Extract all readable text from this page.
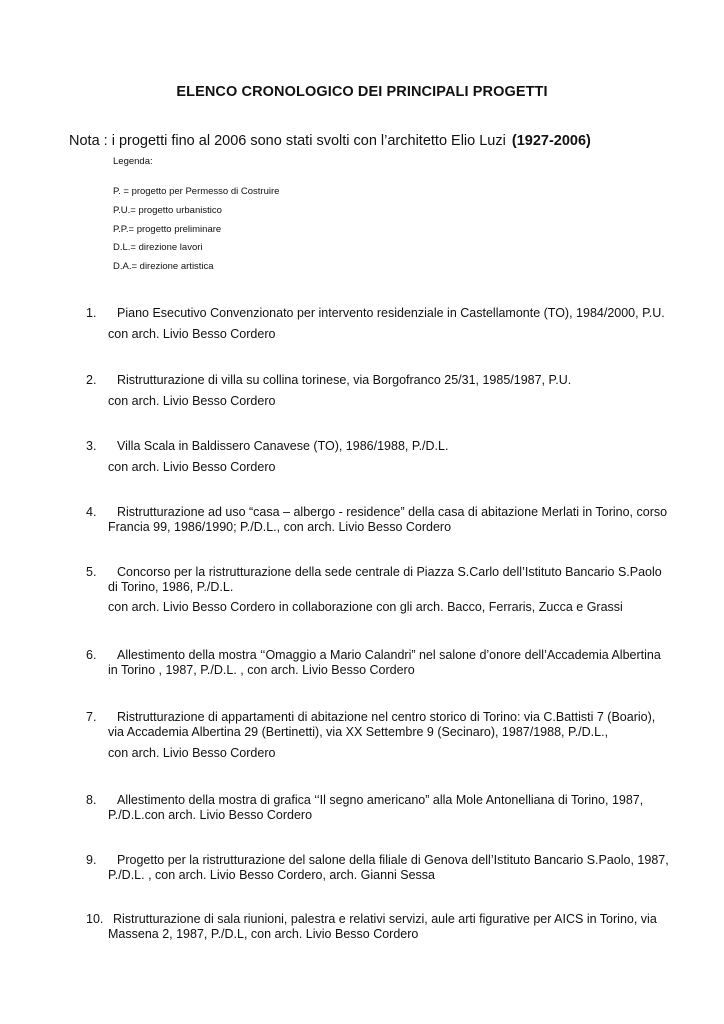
ELENCO CRONOLOGICO DEI PRINCIPALI PROGETTI
Nota : i progetti fino al 2006 sono stati svolti con l’architetto Elio Luzi (1927-2006)
Legenda:
P. = progetto per Permesso di Costruire
P.U.= progetto urbanistico
P.P.= progetto preliminare
D.L.= direzione lavori
D.A.= direzione artistica
1. Piano Esecutivo Convenzionato per intervento residenziale in Castellamonte (TO), 1984/2000, P.U.
con arch. Livio Besso Cordero
2. Ristrutturazione di villa su collina torinese, via Borgofranco 25/31, 1985/1987, P.U.
con arch. Livio Besso Cordero
3. Villa Scala in Baldissero Canavese (TO), 1986/1988, P./D.L.
con arch. Livio Besso Cordero
4. Ristrutturazione ad uso “casa – albergo - residence” della casa di abitazione Merlati in Torino, corso
Francia 99, 1986/1990; P./D.L., con arch. Livio Besso Cordero
5. Concorso per la ristrutturazione della sede centrale di Piazza S.Carlo dell’Istituto Bancario S.Paolo
di Torino, 1986, P./D.L.
con arch. Livio Besso Cordero in collaborazione con gli arch. Bacco, Ferraris, Zucca e Grassi
6. Allestimento della mostra ‘‘Omaggio a Mario Calandri” nel salone d’onore dell’Accademia Albertina
in Torino , 1987, P./D.L. , con arch. Livio Besso Cordero
7. Ristrutturazione di appartamenti di abitazione nel centro storico di Torino: via C.Battisti 7 (Boario),
via Accademia Albertina 29 (Bertinetti), via XX Settembre 9 (Secinaro), 1987/1988, P./D.L.,
con arch. Livio Besso Cordero
8. Allestimento della mostra di grafica ‘‘Il segno americano” alla Mole Antonelliana di Torino, 1987,
P./D.L.con arch. Livio Besso Cordero
9. Progetto per la ristrutturazione del salone della filiale di Genova dell’Istituto Bancario S.Paolo, 1987,
P./D.L. , con arch. Livio Besso Cordero, arch. Gianni Sessa
10. Ristrutturazione di sala riunioni, palestra e relativi servizi, aule arti figurative per AICS in Torino, via
Massena 2, 1987, P./D.L, con arch. Livio Besso Cordero
